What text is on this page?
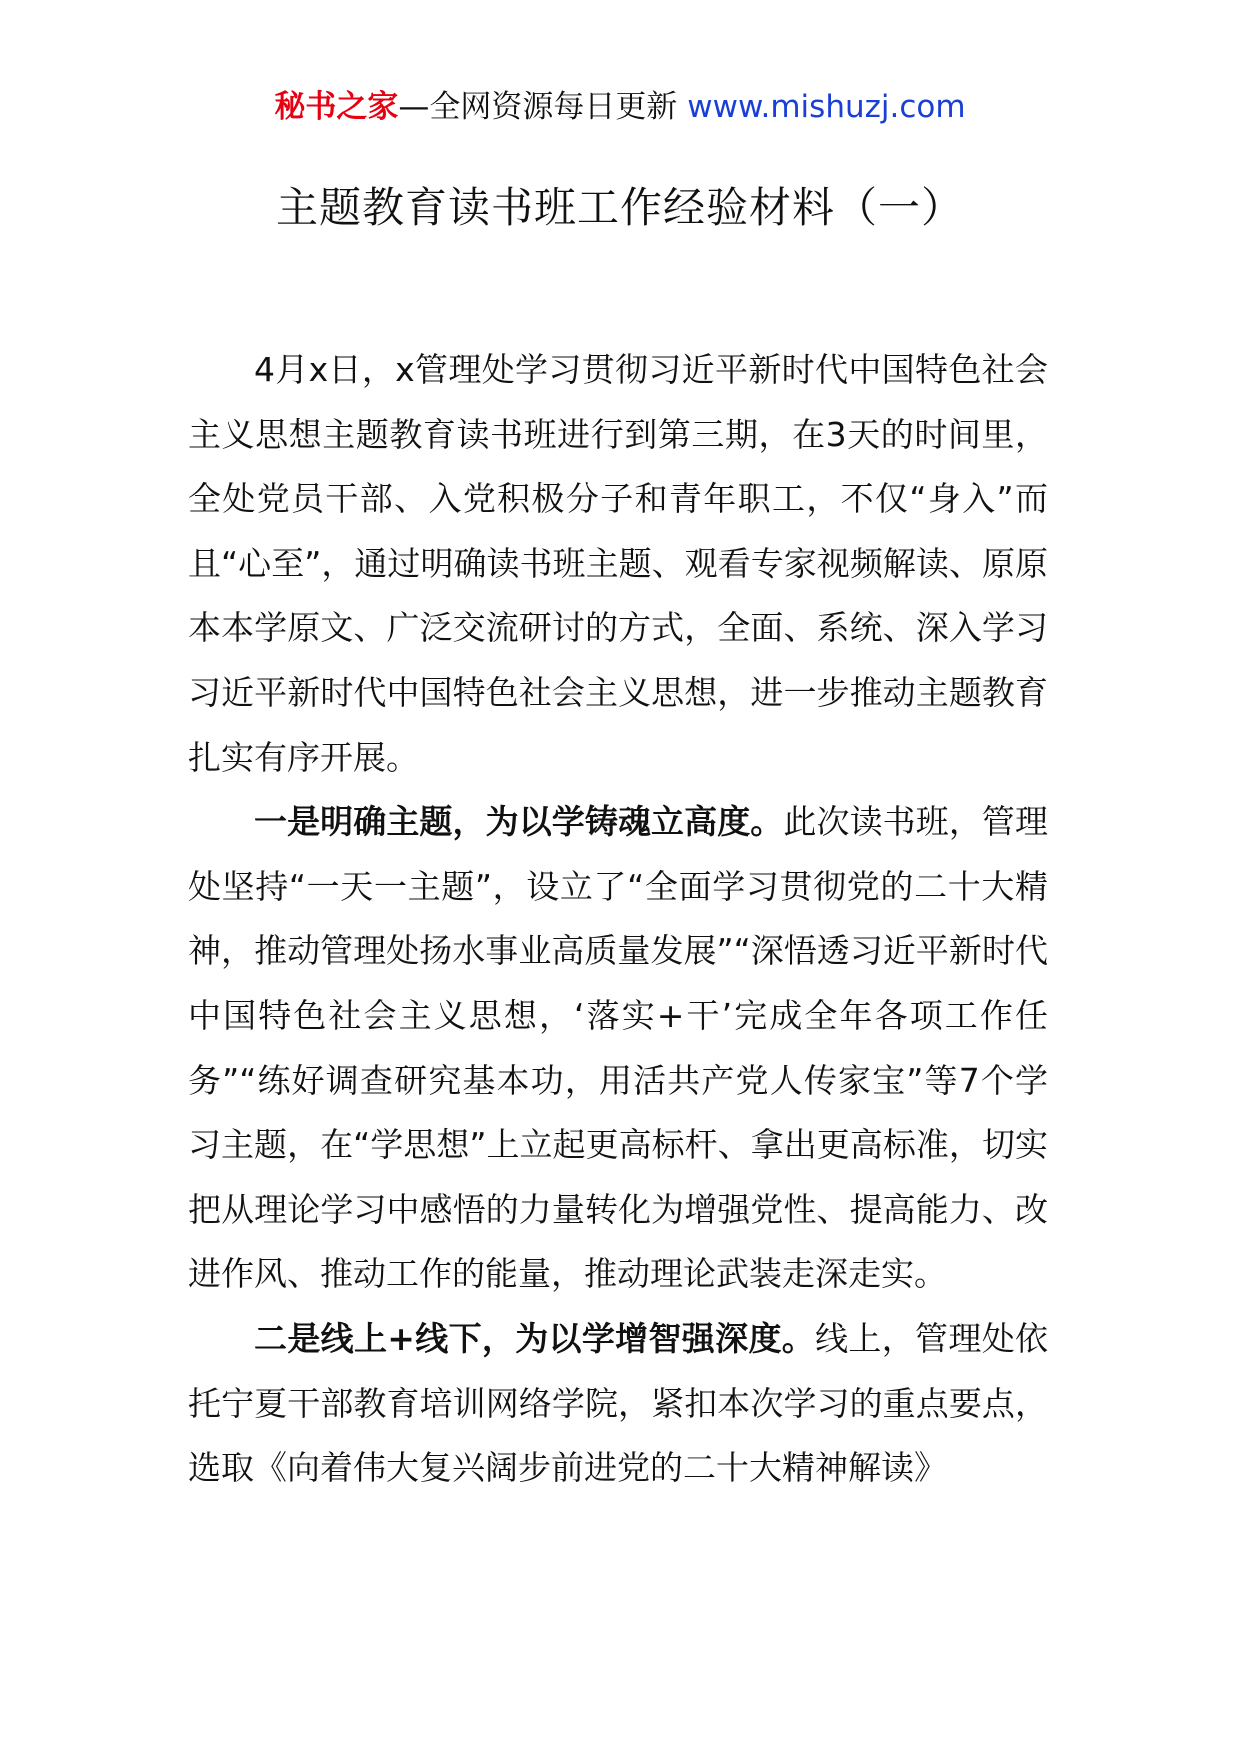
秘书之家—全网资源每日更新 www.mishuzj.com
主题教育读书班工作经验材料（一）

4月x日，x管理处学习贯彻习近平新时代中国特色社会主义思想主题教育读书班进行到第三期，在3天的时间里，全处党员干部、入党积极分子和青年职工，不仅“身入”而且“心至”，通过明确读书班主题、观看专家视频解读、原原本本学原文、广泛交流研讨的方式，全面、系统、深入学习习近平新时代中国特色社会主义思想，进一步推动主题教育扎实有序开展。

一是明确主题，为以学铸魂立高度。此次读书班，管理处坚持“一天一主题”，设立了“全面学习贯彻党的二十大精神，推动管理处扬水事业高质量发展”“深悟透习近平新时代中国特色社会主义思想，‘落实+干’完成全年各项工作任务”“练好调查研究基本功，用活共产党人传家宝”等7个学习主题，在“学思想”上立起更高标杆、拿出更高标准，切实把从理论学习中感悟的力量转化为增强党性、提高能力、改进作风、推动工作的能量，推动理论武装走深走实。

二是线上+线下，为以学增智强深度。线上，管理处依托宁夏干部教育培训网络学院，紧扣本次学习的重点要点，选取《向着伟大复兴阔步前进党的二十大精神解读》
